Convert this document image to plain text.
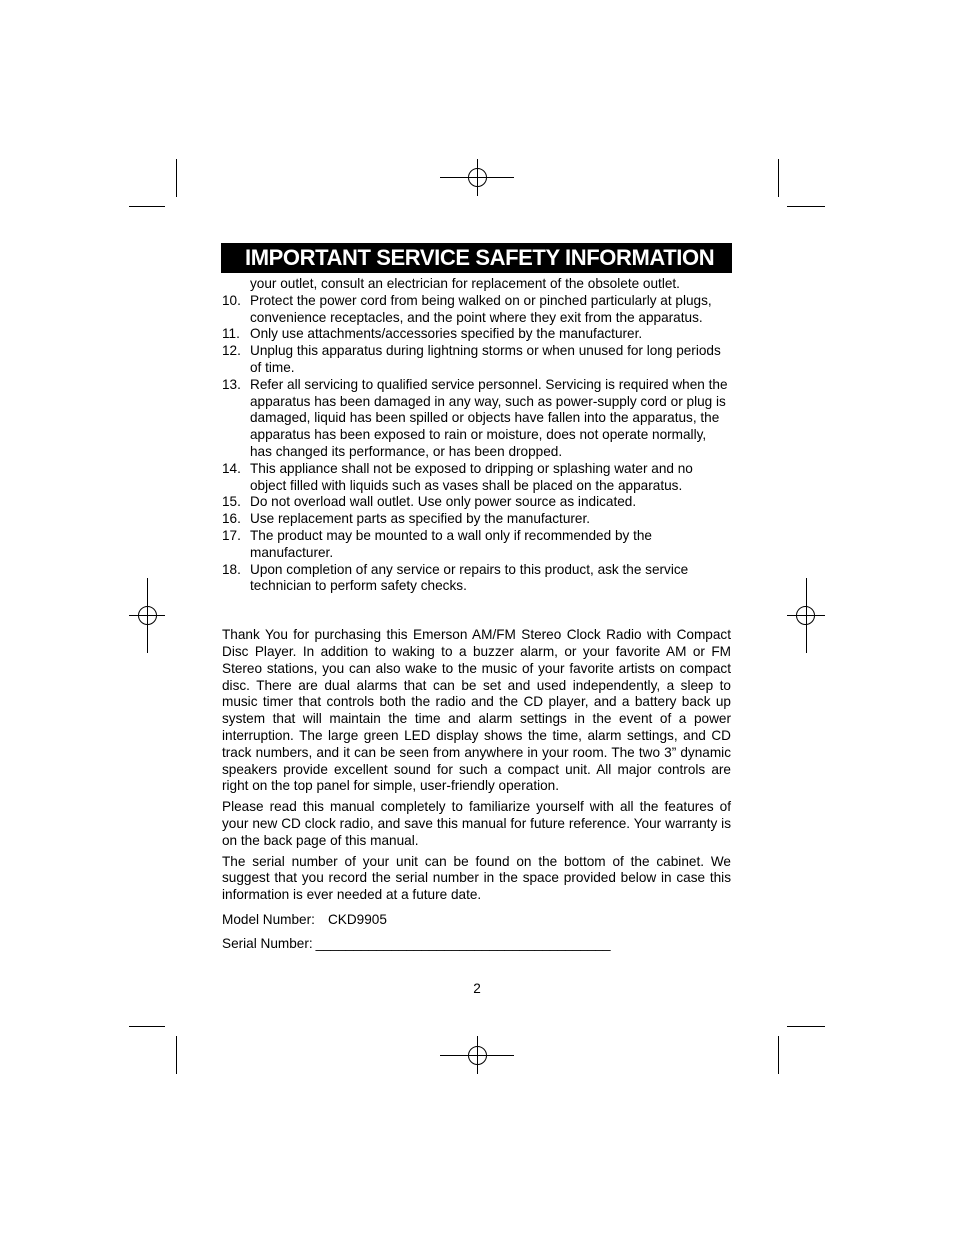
IMPORTANT SERVICE SAFETY INFORMATION
your outlet, consult an electrician for replacement of the obsolete outlet.
10. Protect the power cord from being walked on or pinched particularly at plugs, convenience receptacles, and the point where they exit from the apparatus.
11. Only use attachments/accessories specified by the manufacturer.
12. Unplug this apparatus during lightning storms or when unused for long periods of time.
13. Refer all servicing to qualified service personnel. Servicing is required when the apparatus has been damaged in any way, such as power-supply cord or plug is damaged, liquid has been spilled or objects have fallen into the apparatus, the apparatus has been exposed to rain or moisture, does not operate normally, has changed its performance, or has been dropped.
14. This appliance shall not be exposed to dripping or splashing water and no object filled with liquids such as vases shall be placed on the apparatus.
15. Do not overload wall outlet. Use only power source as indicated.
16. Use replacement parts as specified by the manufacturer.
17. The product may be mounted to a wall only if recommended by the manufacturer.
18. Upon completion of any service or repairs to this product, ask the service technician to perform safety checks.

Thank You for purchasing this Emerson AM/FM Stereo Clock Radio with Compact Disc Player. In addition to waking to a buzzer alarm, or your favorite AM or FM Stereo stations, you can also wake to the music of your favorite artists on compact disc. There are dual alarms that can be set and used independently, a sleep to music timer that controls both the radio and the CD player, and a battery back up system that will maintain the time and alarm settings in the event of a power interruption. The large green LED display shows the time, alarm settings, and CD track numbers, and it can be seen from anywhere in your room. The two 3” dynamic speakers provide excellent sound for such a compact unit. All major controls are right on the top panel for simple, user-friendly operation.

Please read this manual completely to familiarize yourself with all the features of your new CD clock radio, and save this manual for future reference. Your warranty is on the back page of this manual.

The serial number of your unit can be found on the bottom of the cabinet. We suggest that you record the serial number in the space provided below in case this information is ever needed at a future date.

Model Number: CKD9905
Serial Number: _______________________________________
2
